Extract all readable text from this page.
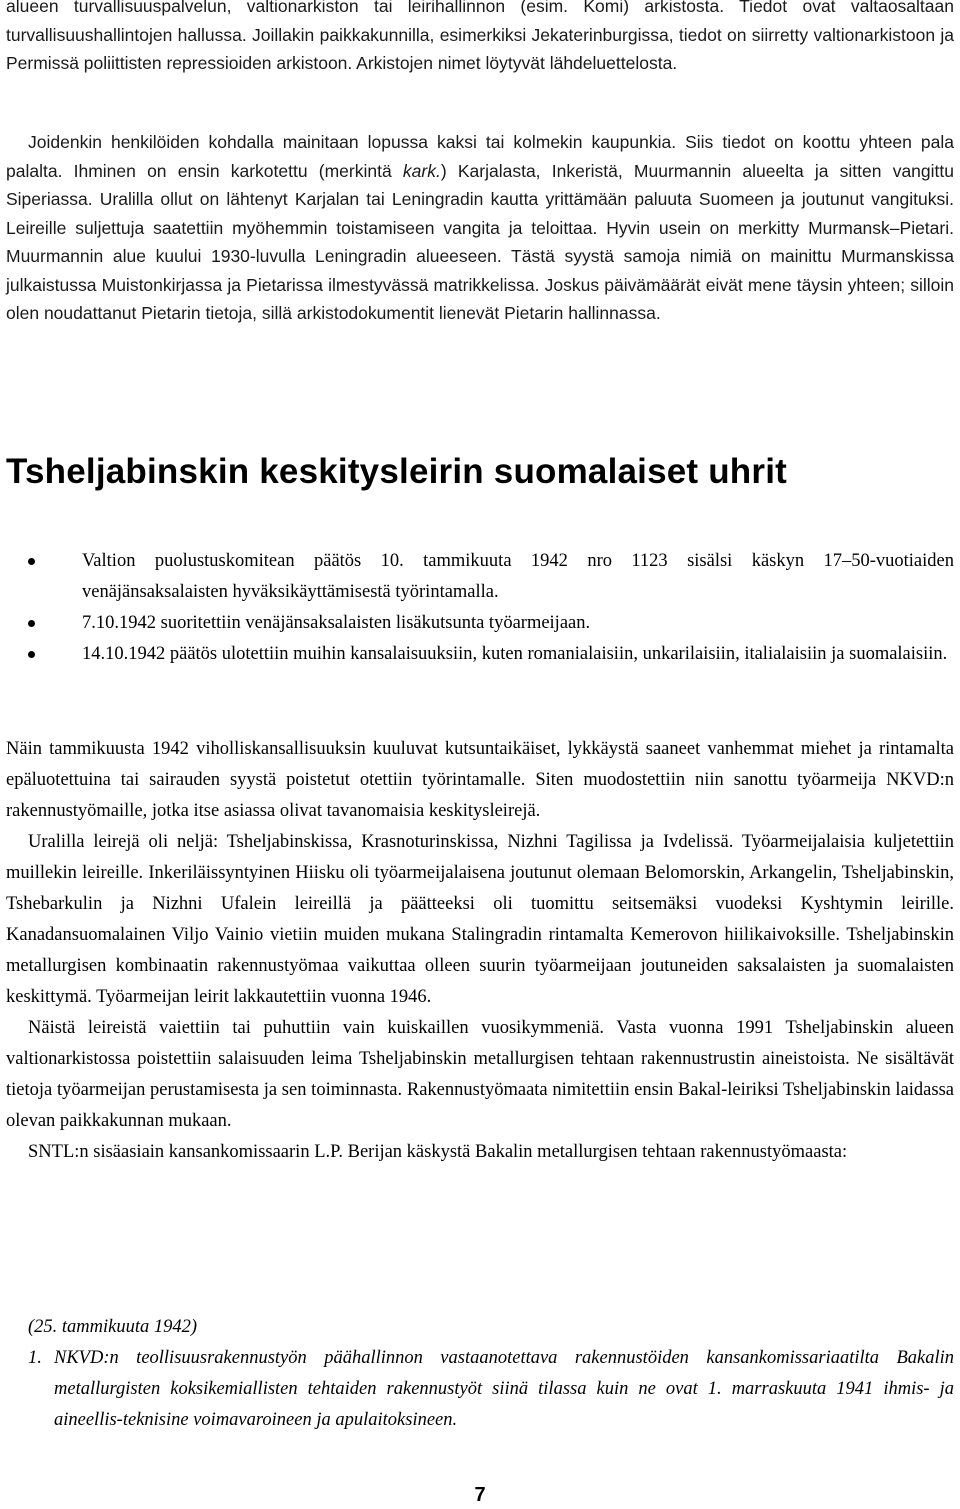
alueen turvallisuuspalvelun, valtionarkiston tai leirihallinnon (esim. Komi) arkistosta. Tiedot ovat valtaosaltaan turvallisuushallintojen hallussa. Joillakin paikkakunnilla, esimerkiksi Jekaterinburgissa, tiedot on siirretty valtionarkistoon ja Permissä poliittisten repressioiden arkistoon. Arkistojen nimet löytyvät lähdeluettelosta.

Joidenkin henkilöiden kohdalla mainitaan lopussa kaksi tai kolmekin kaupunkia. Siis tiedot on koottu yhteen pala palalta. Ihminen on ensin karkotettu (merkintä kark.) Karjalasta, Inkeristä, Muurmannin alueelta ja sitten vangittu Siperiassa. Uralilla ollut on lähtenyt Karjalan tai Leningradin kautta yrittämään paluuta Suomeen ja joutunut vangituksi. Leireille suljettuja saatettiin myöhemmin toistamiseen vangita ja teloittaa. Hyvin usein on merkitty Murmansk–Pietari. Muurmannin alue kuului 1930-luvulla Leningradin alueeseen. Tästä syystä samoja nimiä on mainittu Murmanskissa julkaistussa Muistonkirjassa ja Pietarissa ilmestyvässä matrikkelissa. Joskus päivämäärät eivät mene täysin yhteen; silloin olen noudattanut Pietarin tietoja, sillä arkistodokumentit lienevät Pietarin hallinnassa.

Tsheljabinskin keskitysleirin suomalaiset uhrit
Valtion puolustuskomitean päätös 10. tammikuuta 1942 nro 1123 sisälsi käskyn 17–50-vuotiaiden venäjänsaksalaisten hyväksikäyttämisestä työrintamalla.
7.10.1942 suoritettiin venäjänsaksalaisten lisäkutsunta työarmeijaan.
14.10.1942 päätös ulotettiin muihin kansalaisuuksiin, kuten romanialaisiin, unkarilaisiin, italialaisiin ja suomalaisiin.

Näin tammikuusta 1942 viholliskansallisuuksin kuuluvat kutsuntaikäiset, lykkäystä saaneet vanhemmat miehet ja rintamalta epäluotettuina tai sairauden syystä poistetut otettiin työrintamalle. Siten muodostettiin niin sanottu työarmeija NKVD:n rakennustyömaille, jotka itse asiassa olivat tavanomaisia keskitysleirejä.

Uralilla leirejä oli neljä: Tsheljabinskissa, Krasnoturinskissa, Nizhni Tagilissa ja Ivdelissä. Työarmeijalaisia kuljetettiin muillekin leireille. Inkeriläissyntyinen Hiisku oli työarmeijalaisena joutunut olemaan Belomorskin, Arkangelin, Tsheljabinskin, Tshebarkulin ja Nizhni Ufalein leireillä ja päätteeksi oli tuomittu seitsemäksi vuodeksi Kyshtymin leirille. Kanadansuomalainen Viljo Vainio vietiin muiden mukana Stalingradin rintamalta Kemerovon hiilikaivoksille. Tsheljabinskin metallurgisen kombinaatin rakennustyömaa vaikuttaa olleen suurin työarmeijaan joutuneiden saksalaisten ja suomalaisten keskittymä. Työarmeijan leirit lakkautettiin vuonna 1946.

Näistä leireistä vaiettiin tai puhuttiin vain kuiskaillen vuosikymmeniä. Vasta vuonna 1991 Tsheljabinskin alueen valtionarkistossa poistettiin salaisuuden leima Tsheljabinskin metallurgisen tehtaan rakennustrustin aineistoista. Ne sisältävät tietoja työarmeijan perustamisesta ja sen toiminnasta. Rakennustyömaata nimitettiin ensin Bakal-leiriksi Tsheljabinskin laidassa olevan paikkakunnan mukaan.

SNTL:n sisäasiain kansankomissaarin L.P. Berijan käskystä Bakalin metallurgisen tehtaan rakennustyömaasta:

(25. tammikuuta 1942)
1. NKVD:n teollisuusrakennustyön päähallinnon vastaanotettava rakennustöiden kansankomissariaatilta Bakalin metallurgisten koksikemiallisten tehtaiden rakennustyöt siinä tilassa kuin ne ovat 1. marraskuuta 1941 ihmis- ja aineellis-teknisine voimavaroineen ja apulaitoksineen.
7
